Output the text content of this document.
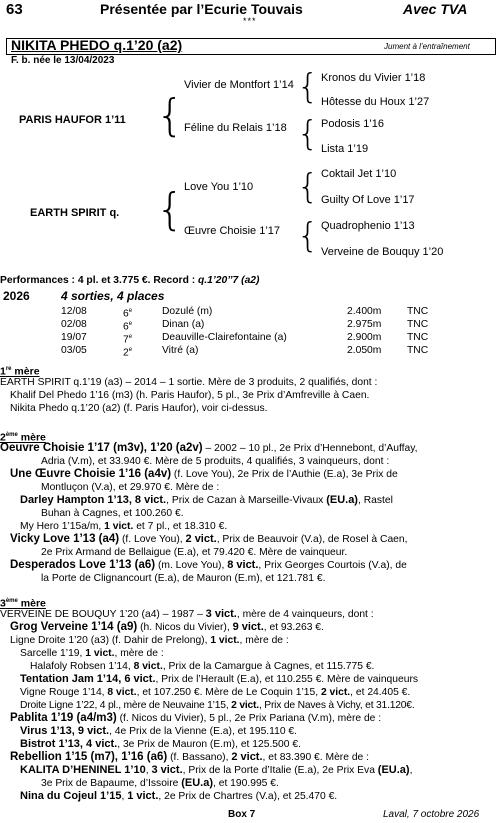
63	Présentée par l’Ecurie Touvais	Avec TVA
***
NIKITA PHEDO q.1’20 (a2)	Jument à l’entraînement
F. b. née le 13/04/2023
PARIS HAUFOR 1’11
EARTH SPIRIT q.
{
{
Vivier de Montfort 1’14
Féline du Relais 1’18
Love You 1’10
Œuvre Choisie 1’17
{
{
{
{
Kronos du Vivier 1’18
Hôtesse du Houx 1’27
Podosis 1’16
Lista 1’19
Coktail Jet 1’10
Guilty Of Love 1’17
Quadrophenio 1’13
Verveine de Bouquy 1’20
Performances : 4 pl. et 3.775 €. Record : q.1’20’’7 (a2)
2026	4 sorties, 4 places
12/08	6e	Dozulé (m)	2.400m TNC
02/08	6e	Dinan (a)	2.975m TNC
19/07	7e	Deauville-Clairefontaine (a)	2.900m TNC
03/05	2e	Vitré (a)	2.050m TNC
1re mère
EARTH SPIRIT q.1’19 (a3) – 2014 – 1 sortie. Mère de 3 produits, 2 qualifiés, dont :
Khalif Del Phedo 1’16 (m3) (h. Paris Haufor), 5 pl., 3e Prix d’Amfreville à Caen.
Nikita Phedo q.1’20 (a2) (f. Paris Haufor), voir ci-dessus.
2ème mère
Oeuvre Choisie 1’17 (m3v), 1’20 (a2v) – 2002 – 10 pl., 2e Prix d’Hennebont, d’Auffay,
Adria (V.m), et 33.940 €. Mère de 5 produits, 4 qualifiés, 3 vainqueurs, dont :
Une Œuvre Choisie 1’16 (a4v) (f. Love You), 2e Prix de l’Authie (E.a), 3e Prix de
Montluçon (V.a), et 29.970 €. Mère de :
Darley Hampton 1’13, 8 vict., Prix de Cazan à Marseille-Vivaux (EU.a), Rastel
Buhan à Cagnes, et 100.260 €.
My Hero 1’15a/m, 1 vict. et 7 pl., et 18.310 €.
Vicky Love 1’13 (a4) (f. Love You), 2 vict., Prix de Beauvoir (V.a), de Rosel à Caen,
2e Prix Armand de Bellaigue (E.a), et 79.420 €. Mère de vainqueur.
Desperados Love 1’13 (a6) (m. Love You), 8 vict., Prix Georges Courtois (V.a), de
la Porte de Clignancourt (E.a), de Mauron (E.m), et 121.781 €.
3ème mère
VERVEINE DE BOUQUY 1’20 (a4) – 1987 – 3 vict., mère de 4 vainqueurs, dont :
Grog Verveine 1’14 (a9) (h. Nicos du Vivier), 9 vict., et 93.263 €.
Ligne Droite 1’20 (a3) (f. Dahir de Prelong), 1 vict., mère de :
Sarcelle 1’19, 1 vict., mère de :
Halafoly Robsen 1’14, 8 vict., Prix de la Camargue à Cagnes, et 115.775 €.
Tentation Jam 1’14, 6 vict., Prix de l’Herault (E.a), et 110.255 €. Mère de vainqueurs
Vigne Rouge 1’14, 8 vict., et 107.250 €. Mère de Le Coquin 1’15, 2 vict., et 24.405 €.
Droite Ligne 1’22, 4 pl., mère de Neuvaine 1’15, 2 vict., Prix de Naves à Vichy, et 31.120€.
Pablita 1’19 (a4/m3) (f. Nicos du Vivier), 5 pl., 2e Prix Pariana (V.m), mère de :
Virus 1’13, 9 vict., 4e Prix de la Vienne (E.a), et 195.110 €.
Bistrot 1’13, 4 vict., 3e Prix de Mauron (E.m), et 125.500 €.
Rebellion 1’15 (m7), 1’16 (a6) (f. Bassano), 2 vict., et 83.390 €. Mère de :
KALITA D’HENINEL 1’10, 3 vict., Prix de la Porte d’Italie (E.a), 2e Prix Eva (EU.a),
3e Prix de Bapaume, d’Issoire (EU.a), et 190.995 €.
Nina du Cojeul 1’15, 1 vict., 2e Prix de Chartres (V.a), et 25.470 €.
Box 7	Laval, 7 octobre 2026
